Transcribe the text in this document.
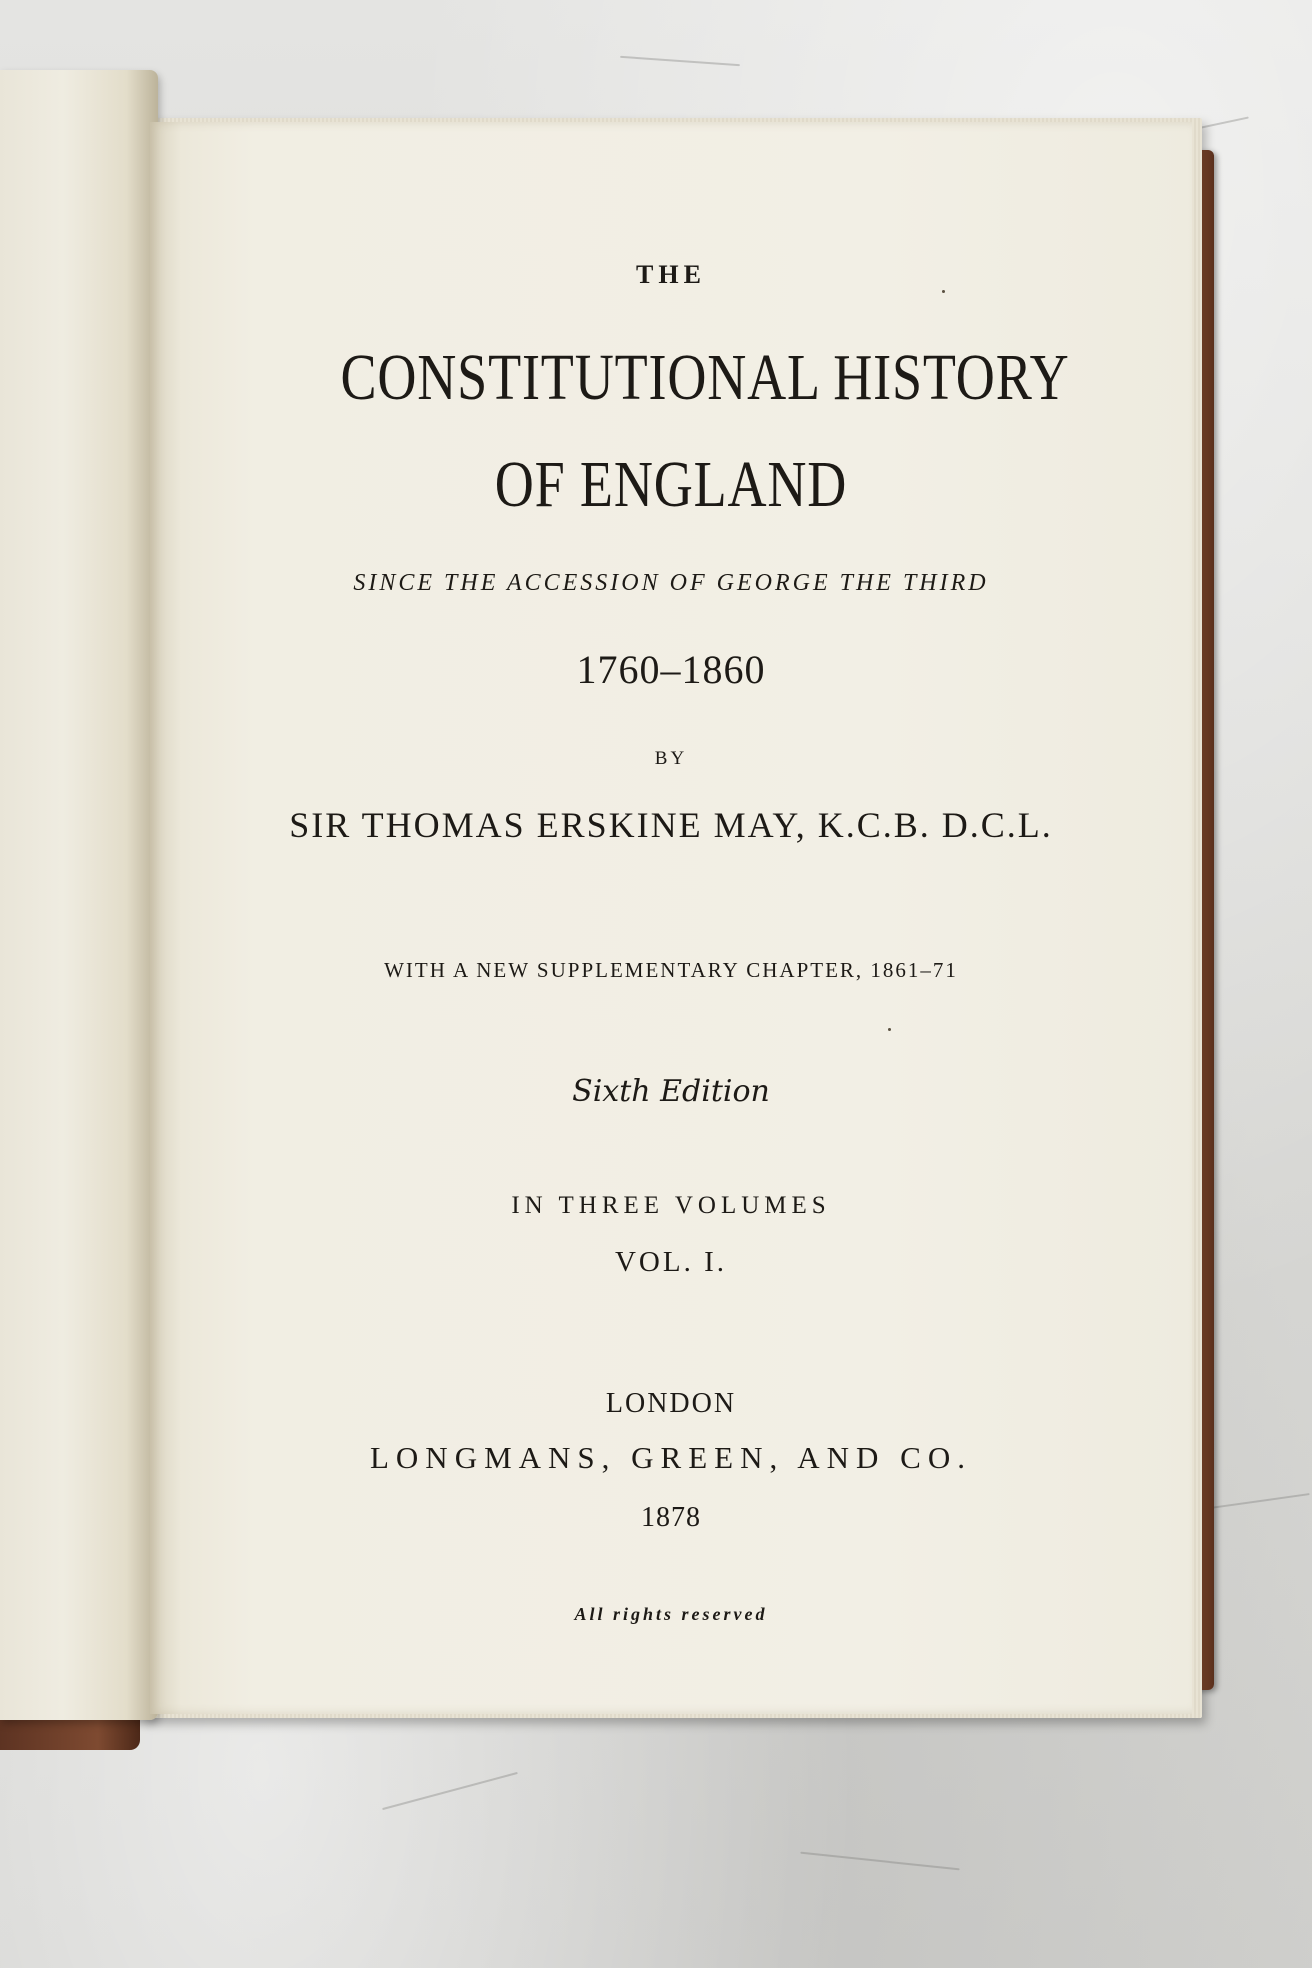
THE
CONSTITUTIONAL HISTORY
OF ENGLAND
SINCE THE ACCESSION OF GEORGE THE THIRD
1760–1860
BY
SIR THOMAS ERSKINE MAY, K.C.B. D.C.L.
WITH A NEW SUPPLEMENTARY CHAPTER, 1861–71
Sixth Edition
IN THREE VOLUMES
VOL. I.
LONDON
LONGMANS, GREEN, AND CO.
1878
All rights reserved
